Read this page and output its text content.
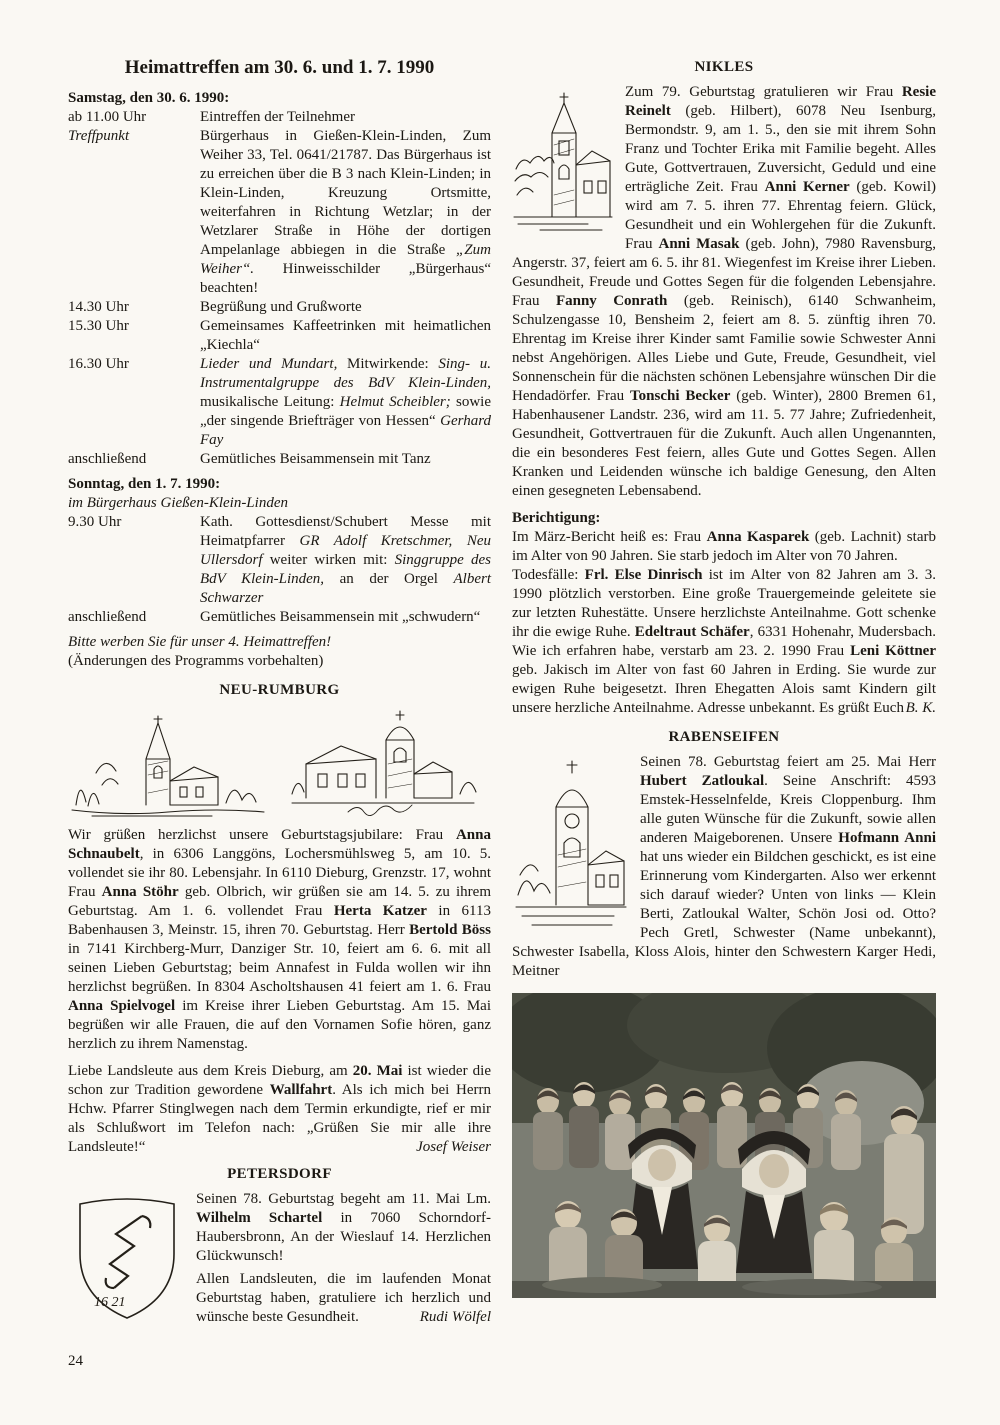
Heimattreffen am 30. 6. und 1. 7. 1990

Samstag, den 30. 6. 1990:

ab 11.00 Uhr	Eintreffen der Teilnehmer
Treffpunkt	Bürgerhaus in Gießen-Klein-Linden, Zum Weiher 33, Tel. 0641/21787. Das Bürgerhaus ist zu erreichen über die B 3 nach Klein-Linden; in Klein-Linden, Kreuzung Ortsmitte, weiterfahren in Richtung Wetzlar; in der Wetzlarer Straße in Höhe der dortigen Ampelanlage abbiegen in die Straße „Zum Weiher“. Hinweisschilder „Bürgerhaus“ beachten!
14.30 Uhr	Begrüßung und Grußworte
15.30 Uhr	Gemeinsames Kaffeetrinken mit heimatlichen „Kiechla“
16.30 Uhr	Lieder und Mundart, Mitwirkende: Sing- u. Instrumentalgruppe des BdV Klein-Linden, musikalische Leitung: Helmut Scheibler; sowie „der singende Briefträger von Hessen“ Gerhard Fay
anschließend	Gemütliches Beisammensein mit Tanz

Sonntag, den 1. 7. 1990:

im Bürgerhaus Gießen-Klein-Linden

9.30 Uhr	Kath. Gottesdienst/Schubert Messe mit Heimatpfarrer GR Adolf Kretschmer, Neu Ullersdorf weiter wirken mit: Singgruppe des BdV Klein-Linden, an der Orgel Albert Schwarzer
anschließend	Gemütliches Beisammensein mit „schwudern“

Bitte werben Sie für unser 4. Heimattreffen!

(Änderungen des Programms vorbehalten)

NEU-RUMBURG

Wir grüßen herzlichst unsere Geburtstagsjubilare: Frau Anna Schnaubelt, in 6306 Langgöns, Lochersmühlsweg 5, am 10. 5. vollendet sie ihr 80. Lebensjahr. In 6110 Dieburg, Grenzstr. 17, wohnt Frau Anna Stöhr geb. Olbrich, wir grüßen sie am 14. 5. zu ihrem Geburtstag. Am 1. 6. vollendet Frau Herta Katzer in 6113 Babenhausen 3, Meinstr. 15, ihren 70. Geburtstag. Herr Bertold Böss in 7141 Kirchberg-Murr, Danziger Str. 10, feiert am 6. 6. mit all seinen Lieben Geburtstag; beim Annafest in Fulda wollen wir ihn herzlichst begrüßen. In 8304 Ascholtshausen 41 feiert am 1. 6. Frau Anna Spielvogel im Kreise ihrer Lieben Geburtstag. Am 15. Mai begrüßen wir alle Frauen, die auf den Vornamen Sofie hören, ganz herzlich zu ihrem Namenstag.

Liebe Landsleute aus dem Kreis Dieburg, am 20. Mai ist wieder die schon zur Tradition gewordene Wallfahrt. Als ich mich bei Herrn Hchw. Pfarrer Stinglwegen nach dem Termin erkundigte, rief er mir als Schlußwort im Telefon nach: „Grüßen Sie mir alle ihre Landsleute!“	Josef Weiser

PETERSDORF
16 21

Seinen 78. Geburtstag begeht am 11. Mai Lm. Wilhelm Schartel in 7060 Schorndorf-Haubersbronn, An der Wieslauf 14. Herzlichen Glückwunsch!

Allen Landsleuten, die im laufenden Monat Geburtstag haben, gratuliere ich herzlich und wünsche beste Gesundheit.	Rudi Wölfel

NIKLES

Zum 79. Geburtstag gratulieren wir Frau Resie Reinelt (geb. Hilbert), 6078 Neu Isenburg, Bermondstr. 9, am 1. 5., den sie mit ihrem Sohn Franz und Tochter Erika mit Familie begeht. Alles Gute, Gottvertrauen, Zuversicht, Geduld und eine erträgliche Zeit. Frau Anni Kerner (geb. Kowil) wird am 7. 5. ihren 77. Ehrentag feiern. Glück, Gesundheit und ein Wohlergehen für die Zukunft. Frau Anni Masak (geb. John), 7980 Ravensburg, Angerstr. 37, feiert am 6. 5. ihr 81. Wiegenfest im Kreise ihrer Lieben. Gesundheit, Freude und Gottes Segen für die folgenden Lebensjahre. Frau Fanny Conrath (geb. Reinisch), 6140 Schwanheim, Schulzengasse 10, Bensheim 2, feiert am 8. 5. zünftig ihren 70. Ehrentag im Kreise ihrer Kinder samt Familie sowie Schwester Anni nebst Angehörigen. Alles Liebe und Gute, Freude, Gesundheit, viel Sonnenschein für die nächsten schönen Lebensjahre wünschen Dir die Hendadörfer. Frau Tonschi Becker (geb. Winter), 2800 Bremen 61, Habenhausener Landstr. 236, wird am 11. 5. 77 Jahre; Zufriedenheit, Gesundheit, Gottvertrauen für die Zukunft. Auch allen Ungenannten, die ein besonderes Fest feiern, alles Gute und Gottes Segen. Allen Kranken und Leidenden wünsche ich baldige Genesung, den Alten einen gesegneten Lebensabend.

Berichtigung:

Im März-Bericht heiß es: Frau Anna Kasparek (geb. Lachnit) starb im Alter von 90 Jahren. Sie starb jedoch im Alter von 70 Jahren.

Todesfälle: Frl. Else Dinrisch ist im Alter von 82 Jahren am 3. 3. 1990 plötzlich verstorben. Eine große Trauergemeinde geleitete sie zur letzten Ruhestätte. Unsere herzlichste Anteilnahme. Gott schenke ihr die ewige Ruhe. Edeltraut Schäfer, 6331 Hohenahr, Mudersbach. Wie ich erfahren habe, verstarb am 23. 2. 1990 Frau Leni Köttner geb. Jakisch im Alter von fast 60 Jahren in Erding. Sie wurde zur ewigen Ruhe beigesetzt. Ihren Ehegatten Alois samt Kindern gilt unsere herzliche Anteilnahme. Adresse unbekannt. Es grüßt Euch B. K.

RABENSEIFEN

Seinen 78. Geburtstag feiert am 25. Mai Herr Hubert Zatloukal. Seine Anschrift: 4593 Emstek-Hesselnfelde, Kreis Cloppenburg. Ihm alle guten Wünsche für die Zukunft, sowie allen anderen Maigeborenen. Unsere Hofmann Anni hat uns wieder ein Bildchen geschickt, es ist eine Erinnerung vom Kindergarten. Also wer erkennt sich darauf wieder? Unten von links — Klein Berti, Zatloukal Walter, Schön Josi od. Otto? Pech Gretl, Schwester (Name unbekannt), Schwester Isabella, Kloss Alois, hinter den Schwestern Karger Hedi, Meitner

24
